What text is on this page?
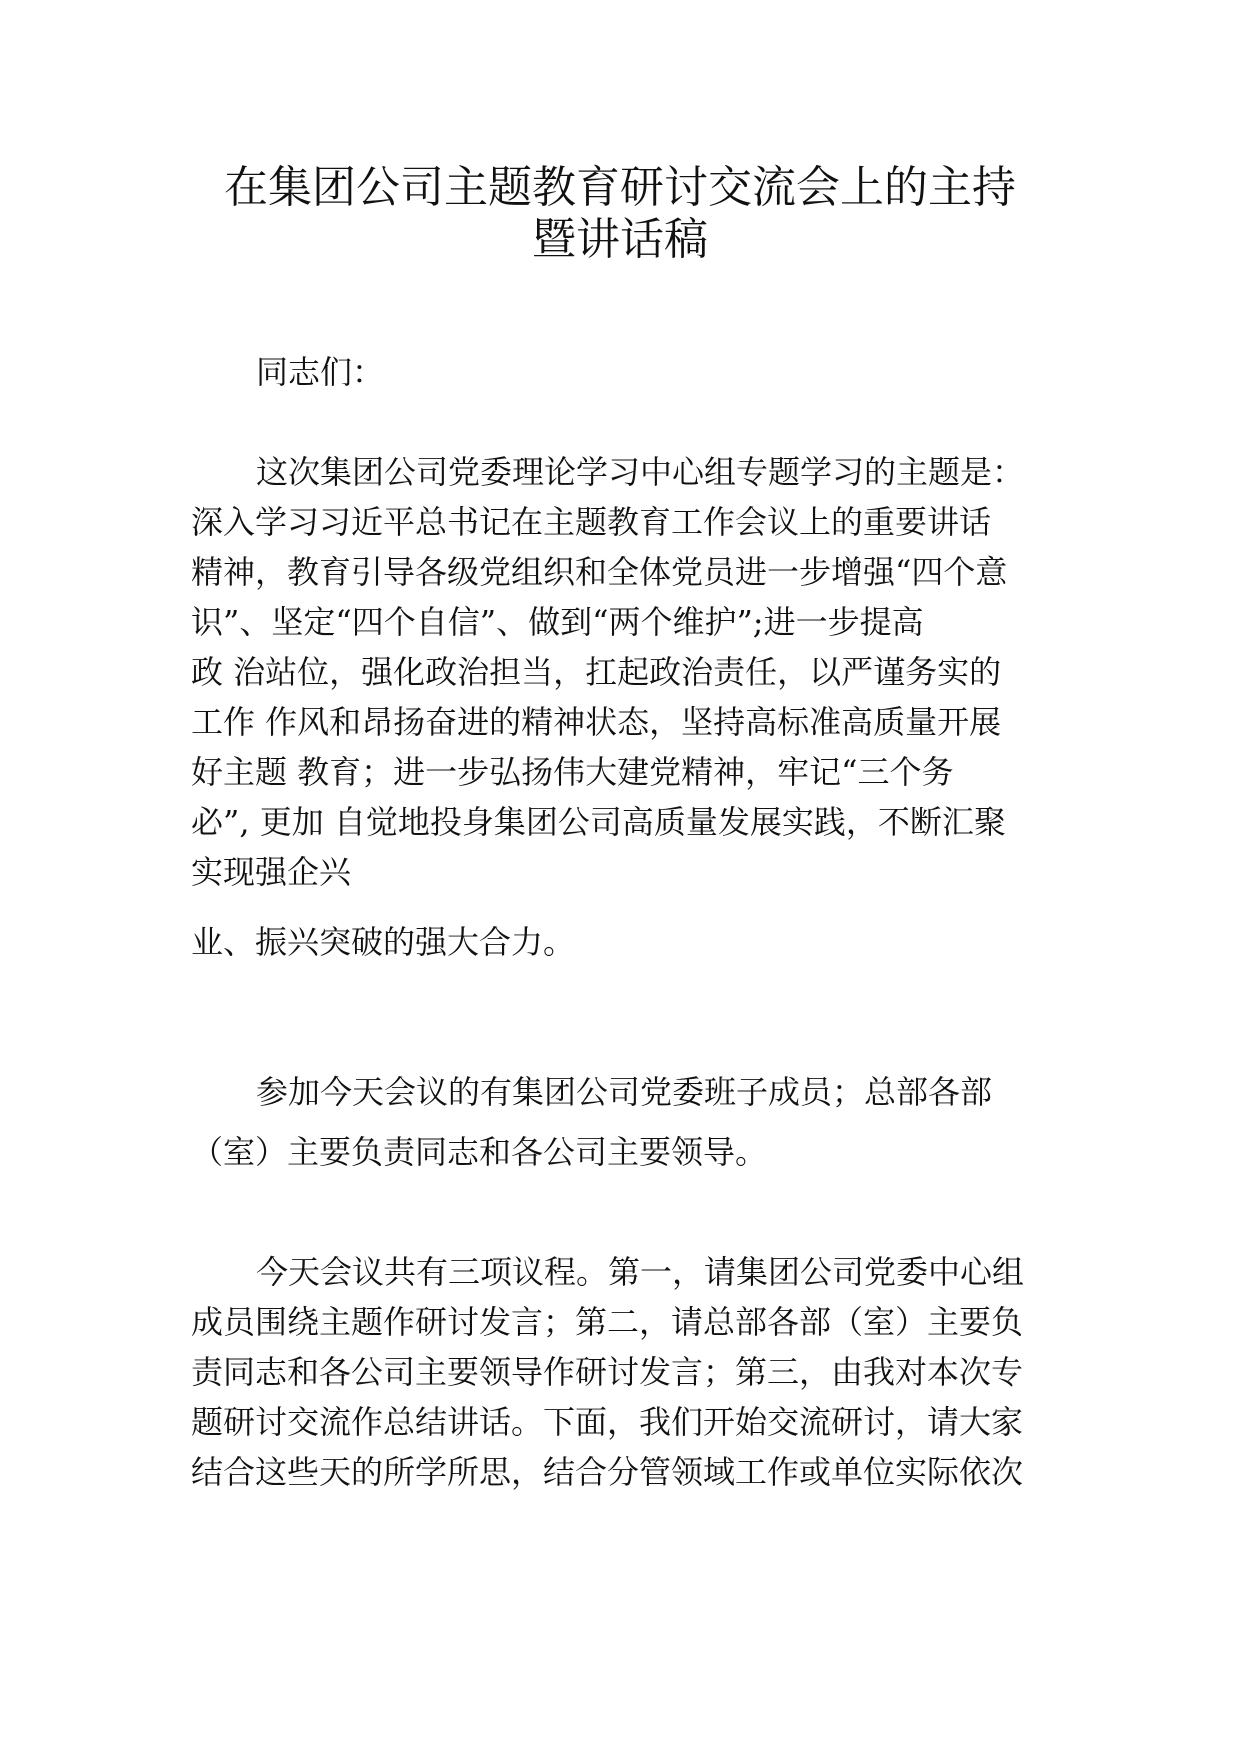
在集团公司主题教育研讨交流会上的主持
暨讲话稿
同志们：
这次集团公司党委理论学习中心组专题学习的主题是：
深入学习习近平总书记在主题教育工作会议上的重要讲话
精神，教育引导各级党组织和全体党员进一步增强“四个意
识”、坚定“四个自信”、做到“两个维护”;进一步提高
政 治站位，强化政治担当，扛起政治责任，以严谨务实的
工作 作风和昂扬奋进的精神状态，坚持高标准高质量开展
好主题 教育；进一步弘扬伟大建党精神，牢记“三个务
必”, 更加 自觉地投身集团公司高质量发展实践，不断汇聚
实现强企兴
业、振兴突破的强大合力。
参加今天会议的有集团公司党委班子成员；总部各部
（室）主要负责同志和各公司主要领导。
今天会议共有三项议程。第一，请集团公司党委中心组
成员围绕主题作研讨发言；第二，请总部各部（室）主要负
责同志和各公司主要领导作研讨发言；第三，由我对本次专
题研讨交流作总结讲话。下面，我们开始交流研讨，请大家
结合这些天的所学所思，结合分管领域工作或单位实际依次
